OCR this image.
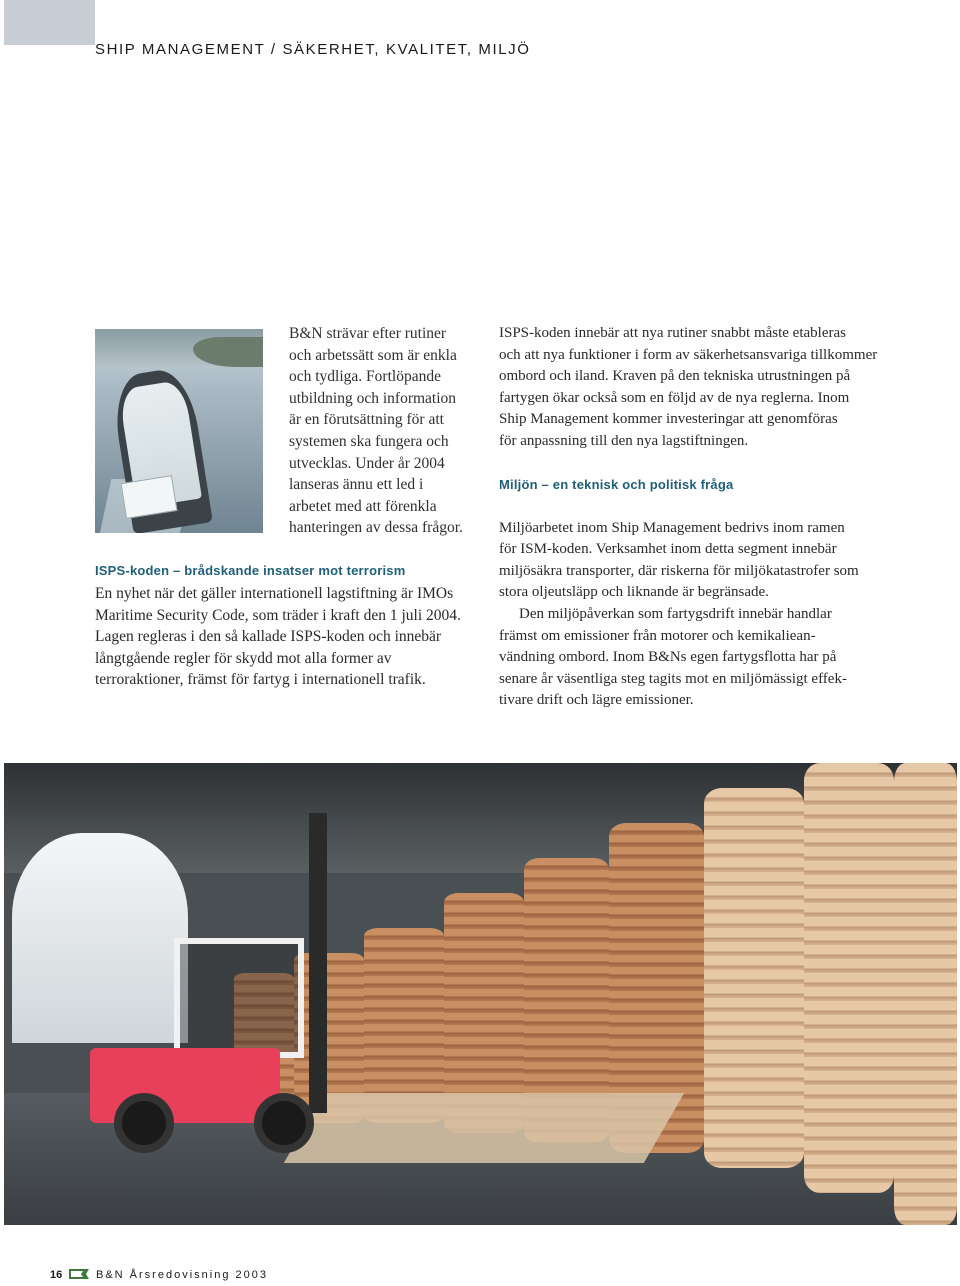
SHIP MANAGEMENT / SÄKERHET, KVALITET, MILJÖ
B&N strävar efter rutiner
och arbetssätt som är enkla
och tydliga. Fortlöpande
utbildning och information
är en förutsättning för att
systemen ska fungera och
utvecklas. Under år 2004
lanseras ännu ett led i
arbetet med att förenkla
hanteringen av dessa frågor.
ISPS-koden – brådskande insatser mot terrorism
En nyhet när det gäller internationell lagstiftning är IMOs
Maritime Security Code, som träder i kraft den 1 juli 2004.
Lagen regleras i den så kallade ISPS-koden och innebär
långtgående regler för skydd mot alla former av
terroraktioner, främst för fartyg i internationell trafik.
ISPS-koden innebär att nya rutiner snabbt måste etableras
och att nya funktioner i form av säkerhetsansvariga tillkommer
ombord och iland. Kraven på den tekniska utrustningen på
fartygen ökar också som en följd av de nya reglerna. Inom
Ship Management kommer investeringar att genomföras
för anpassning till den nya lagstiftningen.
Miljön – en teknisk och politisk fråga

Miljöarbetet inom Ship Management bedrivs inom ramen
för ISM-koden. Verksamhet inom detta segment innebär
miljösäkra transporter, där riskerna för miljökatastrofer som
stora oljeutsläpp och liknande är begränsade.

Den miljöpåverkan som fartygsdrift innebär handlar
främst om emissioner från motorer och kemikaliean-
vändning ombord. Inom B&Ns egen fartygsflotta har på
senare år väsentliga steg tagits mot en miljömässigt effek-
tivare drift och lägre emissioner.

16	B&N Årsredovisning 2003
